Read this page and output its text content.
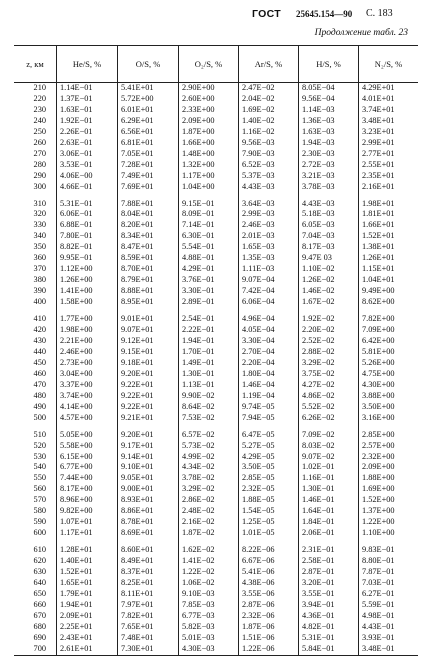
ГОСТ 25645.154—90 С. 183
Продолжение табл. 23
z, км	He/S, %	O/S, %	O₂/S, %	Ar/S, %	H/S, %	N₂/S, %
210	1.14E−01	5.41E+01	2.90E+00	2.47E−02	8.05E−04	4.29E+01
220	1.37E−01	5.72E+00	2.60E+00	2.04E−02	9.56E−04	4.01E+01
230	1.63E−01	6.01E+01	2.33E+00	1.69E−02	1.14E−03	3.74E+01
240	1.92E−01	6.29E+01	2.09E+00	1.40E−02	1.36E−03	3.48E+01
250	2.26E−01	6.56E+01	1.87E+00	1.16E−02	1.63E−03	3.23E+01
260	2.63E−01	6.81E+01	1.66E+00	9.56E−03	1.94E−03	2.99E+01
270	3.06E−01	7.05E+01	1.48E+00	7.90E−03	2.30E−03	2.77E+01
280	3.53E−01	7.28E+01	1.32E+00	6.52E−03	2.72E−03	2.55E+01
290	4.06E−00	7.49E+01	1.17E+00	5.37E−03	3.21E−03	2.35E+01
300	4.66E−01	7.69E+01	1.04E+00	4.43E−03	3.78E−03	2.16E+01

310	5.31E−01	7.88E+01	9.15E−01	3.64E−03	4.43E−03	1.98E+01
320	6.06E−01	8.04E+01	8.09E−01	2.99E−03	5.18E−03	1.81E+01
330	6.88E−01	8.20E+01	7.14E−01	2.46E−03	6.05E−03	1.66E+01
340	7.80E−01	8.34E+01	6.30E−01	2.01E−03	7.04E−03	1.52E+01
350	8.82E−01	8.47E+01	5.54E−01	1.65E−03	8.17E−03	1.38E+01
360	9.95E−01	8.59E+01	4.88E−01	1.35E−03	9.47E 03	1.26E+01
370	1.12E+00	8.70E+01	4.29E−01	1.11E−03	1.10E−02	1.15E+01
380	1.26E+00	8.79E+01	3.76E−01	9.07E−04	1.26E−02	1.04E+01
390	1.41E+00	8.88E+01	3.30E−01	7.42E−04	1.46E−02	9.49E+00
400	1.58E+00	8.95E+01	2.89E−01	6.06E−04	1.67E−02	8.62E+00

410	1.77E+00	9.01E+01	2.54E−01	4.96E−04	1.92E−02	7.82E+00
420	1.98E+00	9.07E+01	2.22E−01	4.05E−04	2.20E−02	7.09E+00
430	2.21E+00	9.12E+01	1.94E−01	3.30E−04	2.52E−02	6.42E+00
440	2.46E+00	9.15E+01	1.70E−01	2.70E−04	2.88E−02	5.81E+00
450	2.73E+00	9.18E+01	1.49E−01	2.20E−04	3.29E−02	5.26E+00
460	3.04E+00	9.20E+01	1.30E−01	1.80E−04	3.75E−02	4.75E+00
470	3.37E+00	9.22E+01	1.13E−01	1.46E−04	4.27E−02	4.30E+00
480	3.74E+00	9.22E+01	9.90E−02	1.19E−04	4.86E−02	3.88E+00
490	4.14E+00	9.22E+01	8.64E−02	9.74E−05	5.52E−02	3.50E+00
500	4.57E+00	9.21E+01	7.53E−02	7.94E−05	6.26E−02	3.16E+00

510	5.05E+00	9.20E+01	6.57E−02	6.47E−05	7.09E−02	2.85E+00
520	5.58E+00	9.17E+01	5.73E−02	5.27E−05	8.03E−02	2.57E+00
530	6.15E+00	9.14E+01	4.99E−02	4.29E−05	9.07E−02	2.32E+00
540	6.77E+00	9.10E+01	4.34E−02	3.50E−05	1.02E−01	2.09E+00
550	7.44E+00	9.05E+01	3.78E−02	2.85E−05	1.16E−01	1.88E+00
560	8.17E+00	9.00E+01	3.29E−02	2.32E−05	1.30E−01	1.69E+00
570	8.96E+00	8.93E+01	2.86E−02	1.88E−05	1.46E−01	1.52E+00
580	9.82E+00	8.86E+01	2.48E−02	1.54E−05	1.64E−01	1.37E+00
590	1.07E+01	8.78E+01	2.16E−02	1.25E−05	1.84E−01	1.22E+00
600	1.17E+01	8.69E+01	1.87E−02	1.01E−05	2.06E−01	1.10E+00

610	1.28E+01	8.60E+01	1.62E−02	8.22E−06	2.31E−01	9.83E−01
620	1.40E+01	8.49E+01	1.41E−02	6.67E−06	2.58E−01	8.80E−01
630	1.52E+01	8.37E+01	1.22E−02	5.41E−06	2.87E−01	7.87E−01
640	1.65E+01	8.25E+01	1.06E−02	4.38E−06	3.20E−01	7.03E−01
650	1.79E+01	8.11E+01	9.10E−03	3.55E−06	3.55E−01	6.27E−01
660	1.94E+01	7.97E+01	7.85E−03	2.87E−06	3.94E−01	5.59E−01
670	2.09E+01	7.82E+01	6.77E−03	2.32E−06	4.36E−01	4.98E−01
680	2.25E+01	7.65E+01	5.82E−03	1.87E−06	4.82E−01	4.43E−01
690	2.43E+01	7.48E+01	5.01E−03	1.51E−06	5.31E−01	3.93E−01
700	2.61E+01	7.30E+01	4.30E−03	1.22E−06	5.84E−01	3.48E−01
